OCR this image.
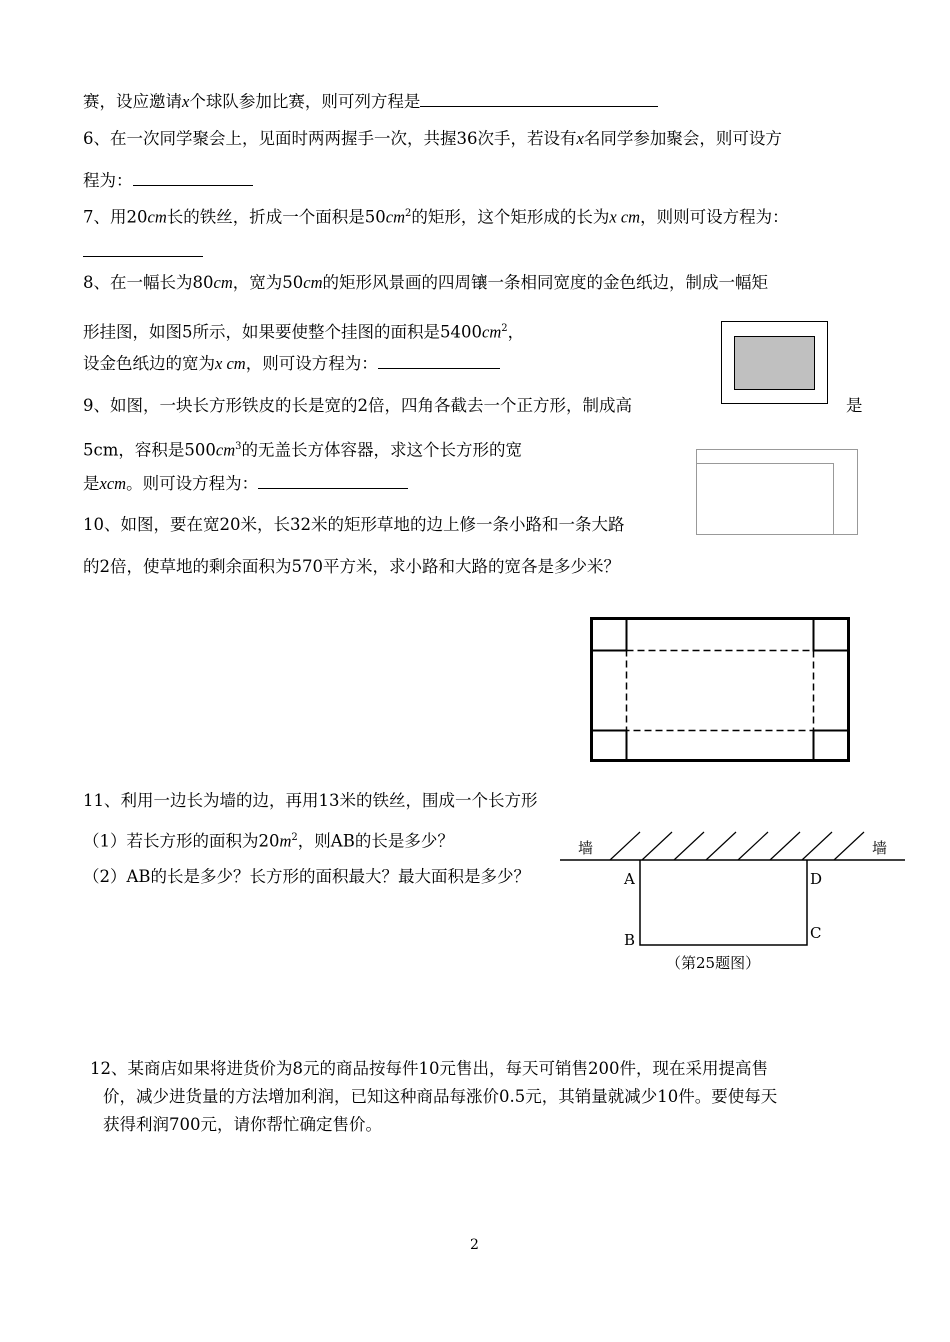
赛，设应邀请x个球队参加比赛，则可列方程是
6、在一次同学聚会上，见面时两两握手一次，共握36次手，若设有x名同学参加聚会，则可设方
程为：
7、用20cm长的铁丝，折成一个面积是$50cm^2$的矩形，这个矩形成的长为x cm，则则可设方程为：
8、在一幅长为80cm，宽为50cm的矩形风景画的四周镶一条相同宽度的金色纸边，制成一幅矩
形挂图，如图5所示，如果要使整个挂图的面积是$5400cm^2$，
设金色纸边的宽为x cm，则可设方程为：
9、如图，一块长方形铁皮的长是宽的2倍，四角各截去一个正方形，制成高	是
5cm，容积是$500cm^3$的无盖长方体容器，求这个长方形的宽
是xcm。则可设方程为：
10、如图，要在宽20米，长32米的矩形草地的边上修一条小路和一条大路
的2倍，使草地的剩余面积为570平方米，求小路和大路的宽各是多少米？
11、利用一边长为墙的边，再用13米的铁丝，围成一个长方形
（1）若长方形的面积为$20m^2$，则AB的长是多少？
（2）AB的长是多少？长方形的面积最大？最大面积是多少？
墙	墙
A	D
B	C
（第25题图）
12、某商店如果将进货价为8元的商品按每件10元售出，每天可销售200件，现在采用提高售
价，减少进货量的方法增加利润，已知这种商品每涨价0.5元，其销量就减少10件。要使每天
获得利润700元，请你帮忙确定售价。
2
